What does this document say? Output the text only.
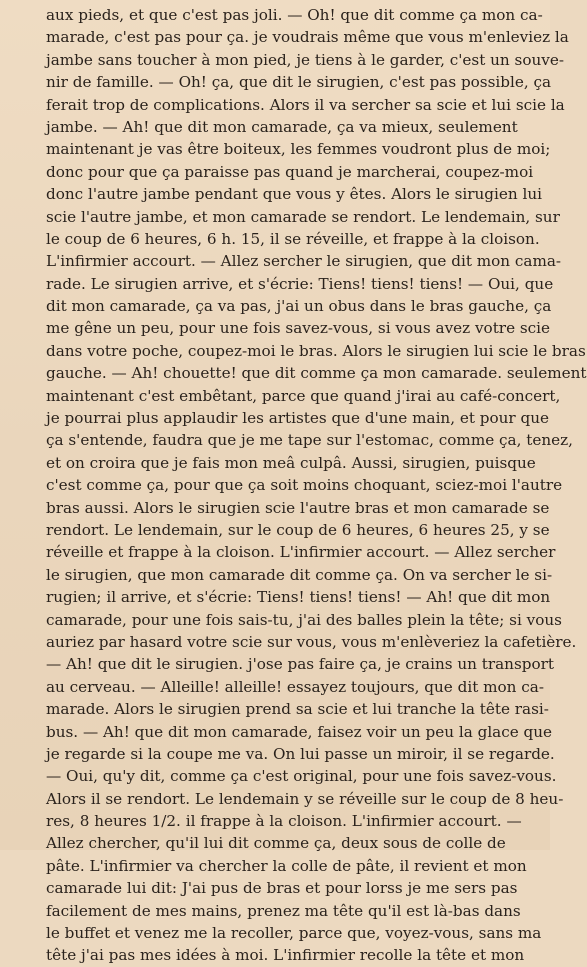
aux pieds, et que c'est pas joli. — Oh! que dit comme ça mon ca-
marade, c'est pas pour ça. je voudrais même que vous m'enleviez la
jambe sans toucher à mon pied, je tiens à le garder, c'est un souve-
nir de famille. — Oh! ça, que dit le sirugien, c'est pas possible, ça
ferait trop de complications. Alors il va sercher sa scie et lui scie la
jambe. — Ah! que dit mon camarade, ça va mieux, seulement
maintenant je vas être boiteux, les femmes voudront plus de moi;
donc pour que ça paraisse pas quand je marcherai, coupez-moi
donc l'autre jambe pendant que vous y êtes. Alors le sirugien lui
scie l'autre jambe, et mon camarade se rendort. Le lendemain, sur
le coup de 6 heures, 6 h. 15, il se réveille, et frappe à la cloison.
L'infirmier accourt. — Allez sercher le sirugien, que dit mon cama-
rade. Le sirugien arrive, et s'écrie: Tiens! tiens! tiens! — Oui, que
dit mon camarade, ça va pas, j'ai un obus dans le bras gauche, ça
me gêne un peu, pour une fois savez-vous, si vous avez votre scie
dans votre poche, coupez-moi le bras. Alors le sirugien lui scie le bras
gauche. — Ah! chouette! que dit comme ça mon camarade. seulement
maintenant c'est embêtant, parce que quand j'irai au café-concert,
je pourrai plus applaudir les artistes que d'une main, et pour que
ça s'entende, faudra que je me tape sur l'estomac, comme ça, tenez,
et on croira que je fais mon meâ culpâ. Aussi, sirugien, puisque
c'est comme ça, pour que ça soit moins choquant, sciez-moi l'autre
bras aussi. Alors le sirugien scie l'autre bras et mon camarade se
rendort. Le lendemain, sur le coup de 6 heures, 6 heures 25, y se
réveille et frappe à la cloison. L'infirmier accourt. — Allez sercher
le sirugien, que mon camarade dit comme ça. On va sercher le si-
rugien; il arrive, et s'écrie: Tiens! tiens! tiens! — Ah! que dit mon
camarade, pour une fois sais-tu, j'ai des balles plein la tête; si vous
auriez par hasard votre scie sur vous, vous m'enlèveriez la cafetière.
— Ah! que dit le sirugien. j'ose pas faire ça, je crains un transport
au cerveau. — Alleille! alleille! essayez toujours, que dit mon ca-
marade. Alors le sirugien prend sa scie et lui tranche la tête rasi-
bus. — Ah! que dit mon camarade, faisez voir un peu la glace que
je regarde si la coupe me va. On lui passe un miroir, il se regarde.
— Oui, qu'y dit, comme ça c'est original, pour une fois savez-vous.
Alors il se rendort. Le lendemain y se réveille sur le coup de 8 heu-
res, 8 heures 1/2. il frappe à la cloison. L'infirmier accourt. —
Allez chercher, qu'il lui dit comme ça, deux sous de colle de
pâte. L'infirmier va chercher la colle de pâte, il revient et mon
camarade lui dit: J'ai pus de bras et pour lorss je me sers pas
facilement de mes mains, prenez ma tête qu'il est là-bas dans
le buffet et venez me la recoller, parce que, voyez-vous, sans ma
tête j'ai pas mes idées à moi. L'infirmier recolle la tête et mon
